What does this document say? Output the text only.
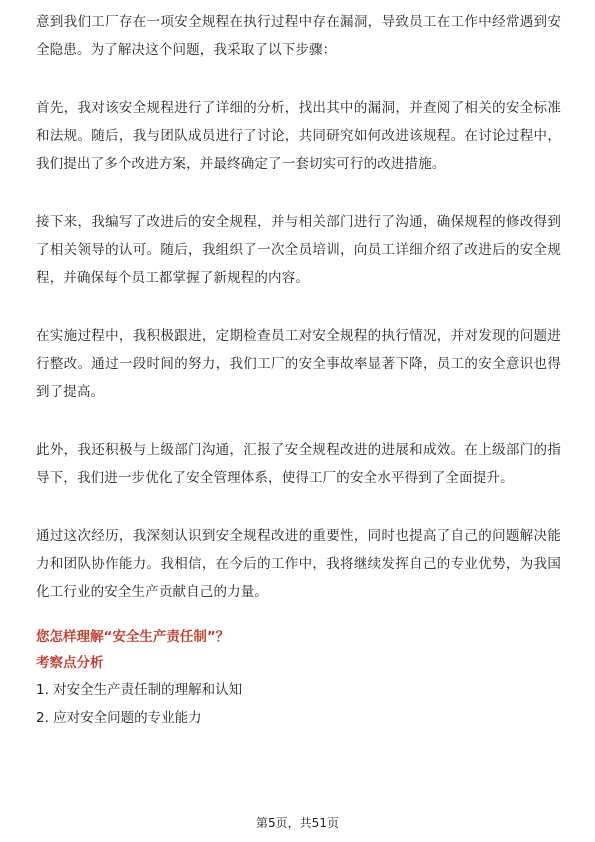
意到我们工厂存在一项安全规程在执行过程中存在漏洞，导致员工在工作中经常遇到安全隐患。为了解决这个问题，我采取了以下步骤：

首先，我对该安全规程进行了详细的分析，找出其中的漏洞，并查阅了相关的安全标准和法规。随后，我与团队成员进行了讨论，共同研究如何改进该规程。在讨论过程中，我们提出了多个改进方案，并最终确定了一套切实可行的改进措施。

接下来，我编写了改进后的安全规程，并与相关部门进行了沟通，确保规程的修改得到了相关领导的认可。随后，我组织了一次全员培训，向员工详细介绍了改进后的安全规程，并确保每个员工都掌握了新规程的内容。

在实施过程中，我积极跟进，定期检查员工对安全规程的执行情况，并对发现的问题进行整改。通过一段时间的努力，我们工厂的安全事故率显著下降，员工的安全意识也得到了提高。

此外，我还积极与上级部门沟通，汇报了安全规程改进的进展和成效。在上级部门的指导下，我们进一步优化了安全管理体系，使得工厂的安全水平得到了全面提升。

通过这次经历，我深刻认识到安全规程改进的重要性，同时也提高了自己的问题解决能力和团队协作能力。我相信，在今后的工作中，我将继续发挥自己的专业优势，为我国化工行业的安全生产贡献自己的力量。

您怎样理解“安全生产责任制”？

考察点分析

1. 对安全生产责任制的理解和认知

2. 应对安全问题的专业能力

第5页，共51页
